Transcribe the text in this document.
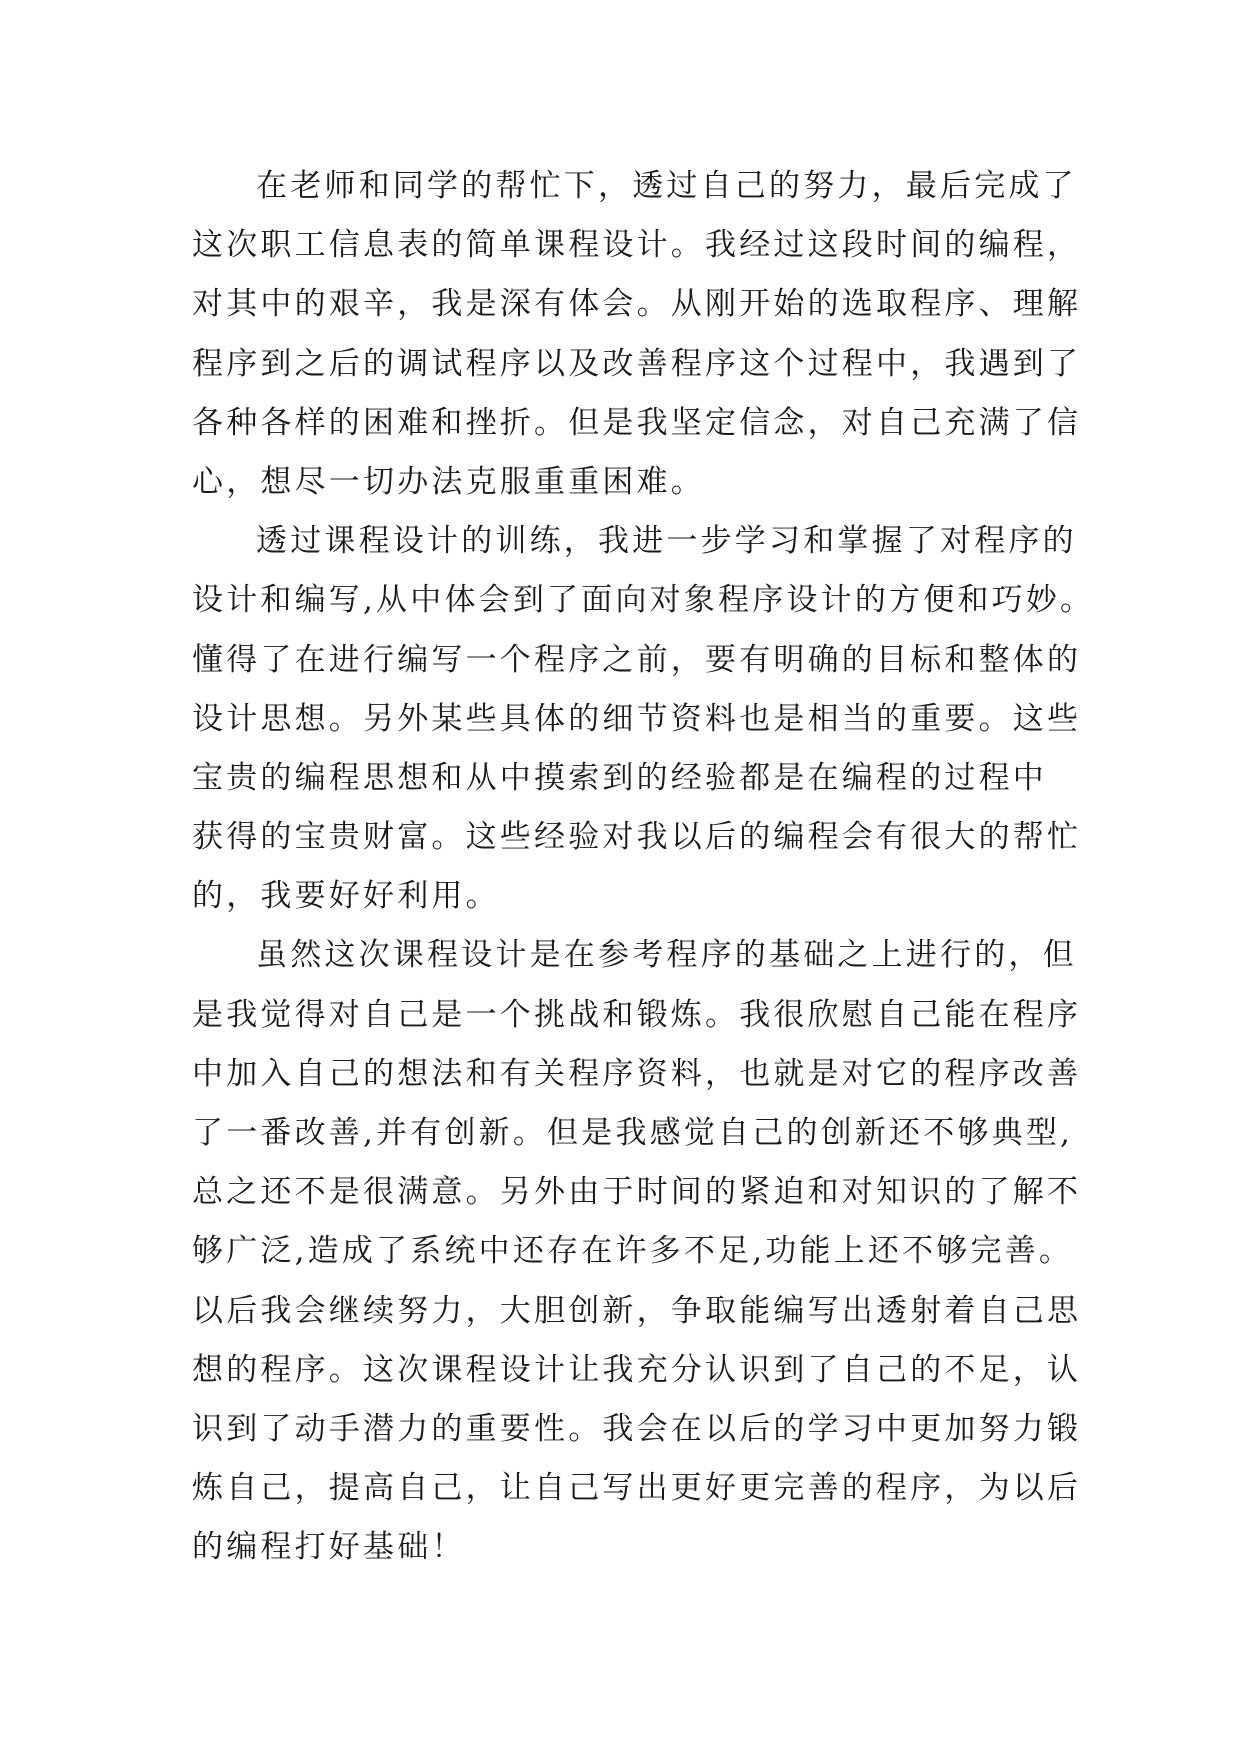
在老师和同学的帮忙下，透过自己的努力，最后完成了
这次职工信息表的简单课程设计。我经过这段时间的编程，
对其中的艰辛，我是深有体会。从刚开始的选取程序、理解
程序到之后的调试程序以及改善程序这个过程中，我遇到了
各种各样的困难和挫折。但是我坚定信念，对自己充满了信
心，想尽一切办法克服重重困难。
透过课程设计的训练，我进一步学习和掌握了对程序的
设计和编写,从中体会到了面向对象程序设计的方便和巧妙。
懂得了在进行编写一个程序之前，要有明确的目标和整体的
设计思想。另外某些具体的细节资料也是相当的重要。这些
宝贵的编程思想和从中摸索到的经验都是在编程的过程中
获得的宝贵财富。这些经验对我以后的编程会有很大的帮忙
的，我要好好利用。
虽然这次课程设计是在参考程序的基础之上进行的，但
是我觉得对自己是一个挑战和锻炼。我很欣慰自己能在程序
中加入自己的想法和有关程序资料，也就是对它的程序改善
了一番改善,并有创新。但是我感觉自己的创新还不够典型,
总之还不是很满意。另外由于时间的紧迫和对知识的了解不
够广泛,造成了系统中还存在许多不足,功能上还不够完善。
以后我会继续努力，大胆创新，争取能编写出透射着自己思
想的程序。这次课程设计让我充分认识到了自己的不足，认
识到了动手潜力的重要性。我会在以后的学习中更加努力锻
炼自己，提高自己，让自己写出更好更完善的程序，为以后
的编程打好基础！
